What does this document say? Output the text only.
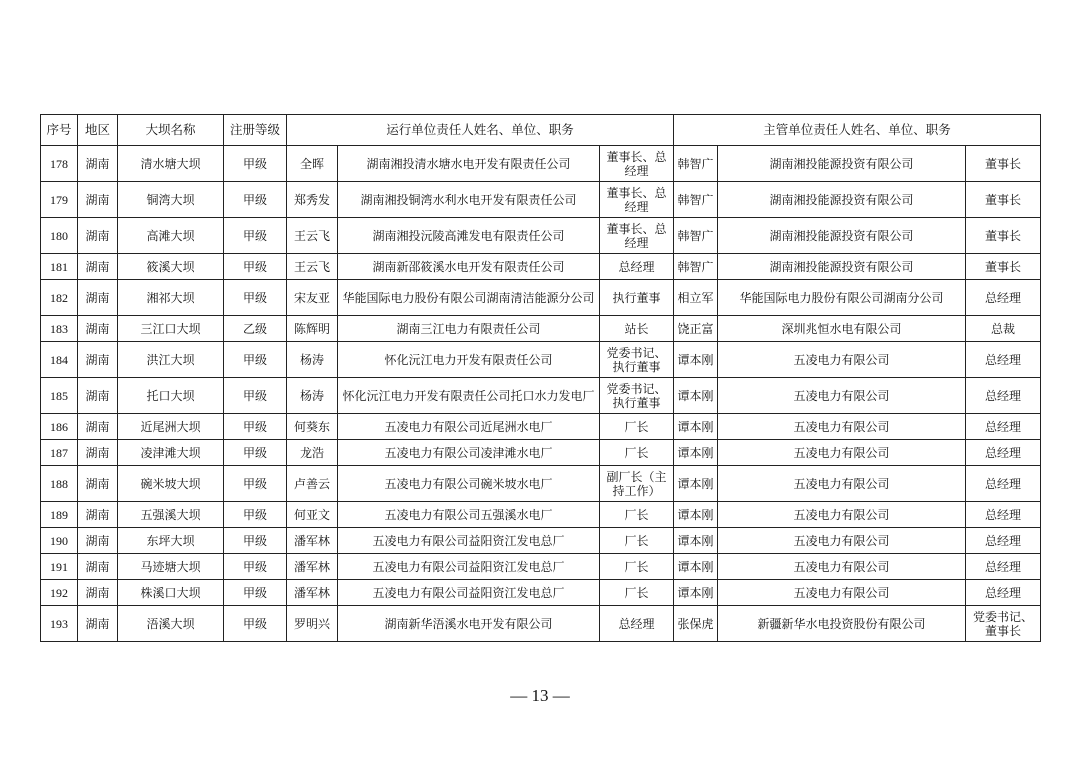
序号	地区	大坝名称	注册等级	运行单位责任人姓名、单位、职务			主管单位责任人姓名、单位、职务		
178	湖南	清水塘大坝	甲级	全晖	湖南湘投清水塘水电开发有限责任公司	董事长、总经理	韩智广	湖南湘投能源投资有限公司	董事长
179	湖南	铜湾大坝	甲级	郑秀发	湖南湘投铜湾水利水电开发有限责任公司	董事长、总经理	韩智广	湖南湘投能源投资有限公司	董事长
180	湖南	高滩大坝	甲级	王云飞	湖南湘投沅陵高滩发电有限责任公司	董事长、总经理	韩智广	湖南湘投能源投资有限公司	董事长
181	湖南	筱溪大坝	甲级	王云飞	湖南新邵筱溪水电开发有限责任公司	总经理	韩智广	湖南湘投能源投资有限公司	董事长
182	湖南	湘祁大坝	甲级	宋友亚	华能国际电力股份有限公司湖南清洁能源分公司	执行董事	相立军	华能国际电力股份有限公司湖南分公司	总经理
183	湖南	三江口大坝	乙级	陈辉明	湖南三江电力有限责任公司	站长	饶正富	深圳兆恒水电有限公司	总裁
184	湖南	洪江大坝	甲级	杨涛	怀化沅江电力开发有限责任公司	党委书记、执行董事	谭本刚	五凌电力有限公司	总经理
185	湖南	托口大坝	甲级	杨涛	怀化沅江电力开发有限责任公司托口水力发电厂	党委书记、执行董事	谭本刚	五凌电力有限公司	总经理
186	湖南	近尾洲大坝	甲级	何葵东	五凌电力有限公司近尾洲水电厂	厂长	谭本刚	五凌电力有限公司	总经理
187	湖南	凌津滩大坝	甲级	龙浩	五凌电力有限公司凌津滩水电厂	厂长	谭本刚	五凌电力有限公司	总经理
188	湖南	碗米坡大坝	甲级	卢善云	五凌电力有限公司碗米坡水电厂	副厂长（主持工作）	谭本刚	五凌电力有限公司	总经理
189	湖南	五强溪大坝	甲级	何亚文	五凌电力有限公司五强溪水电厂	厂长	谭本刚	五凌电力有限公司	总经理
190	湖南	东坪大坝	甲级	潘军林	五凌电力有限公司益阳资江发电总厂	厂长	谭本刚	五凌电力有限公司	总经理
191	湖南	马迹塘大坝	甲级	潘军林	五凌电力有限公司益阳资江发电总厂	厂长	谭本刚	五凌电力有限公司	总经理
192	湖南	株溪口大坝	甲级	潘军林	五凌电力有限公司益阳资江发电总厂	厂长	谭本刚	五凌电力有限公司	总经理
193	湖南	浯溪大坝	甲级	罗明兴	湖南新华浯溪水电开发有限公司	总经理	张保虎	新疆新华水电投资股份有限公司	党委书记、董事长
— 13 —
